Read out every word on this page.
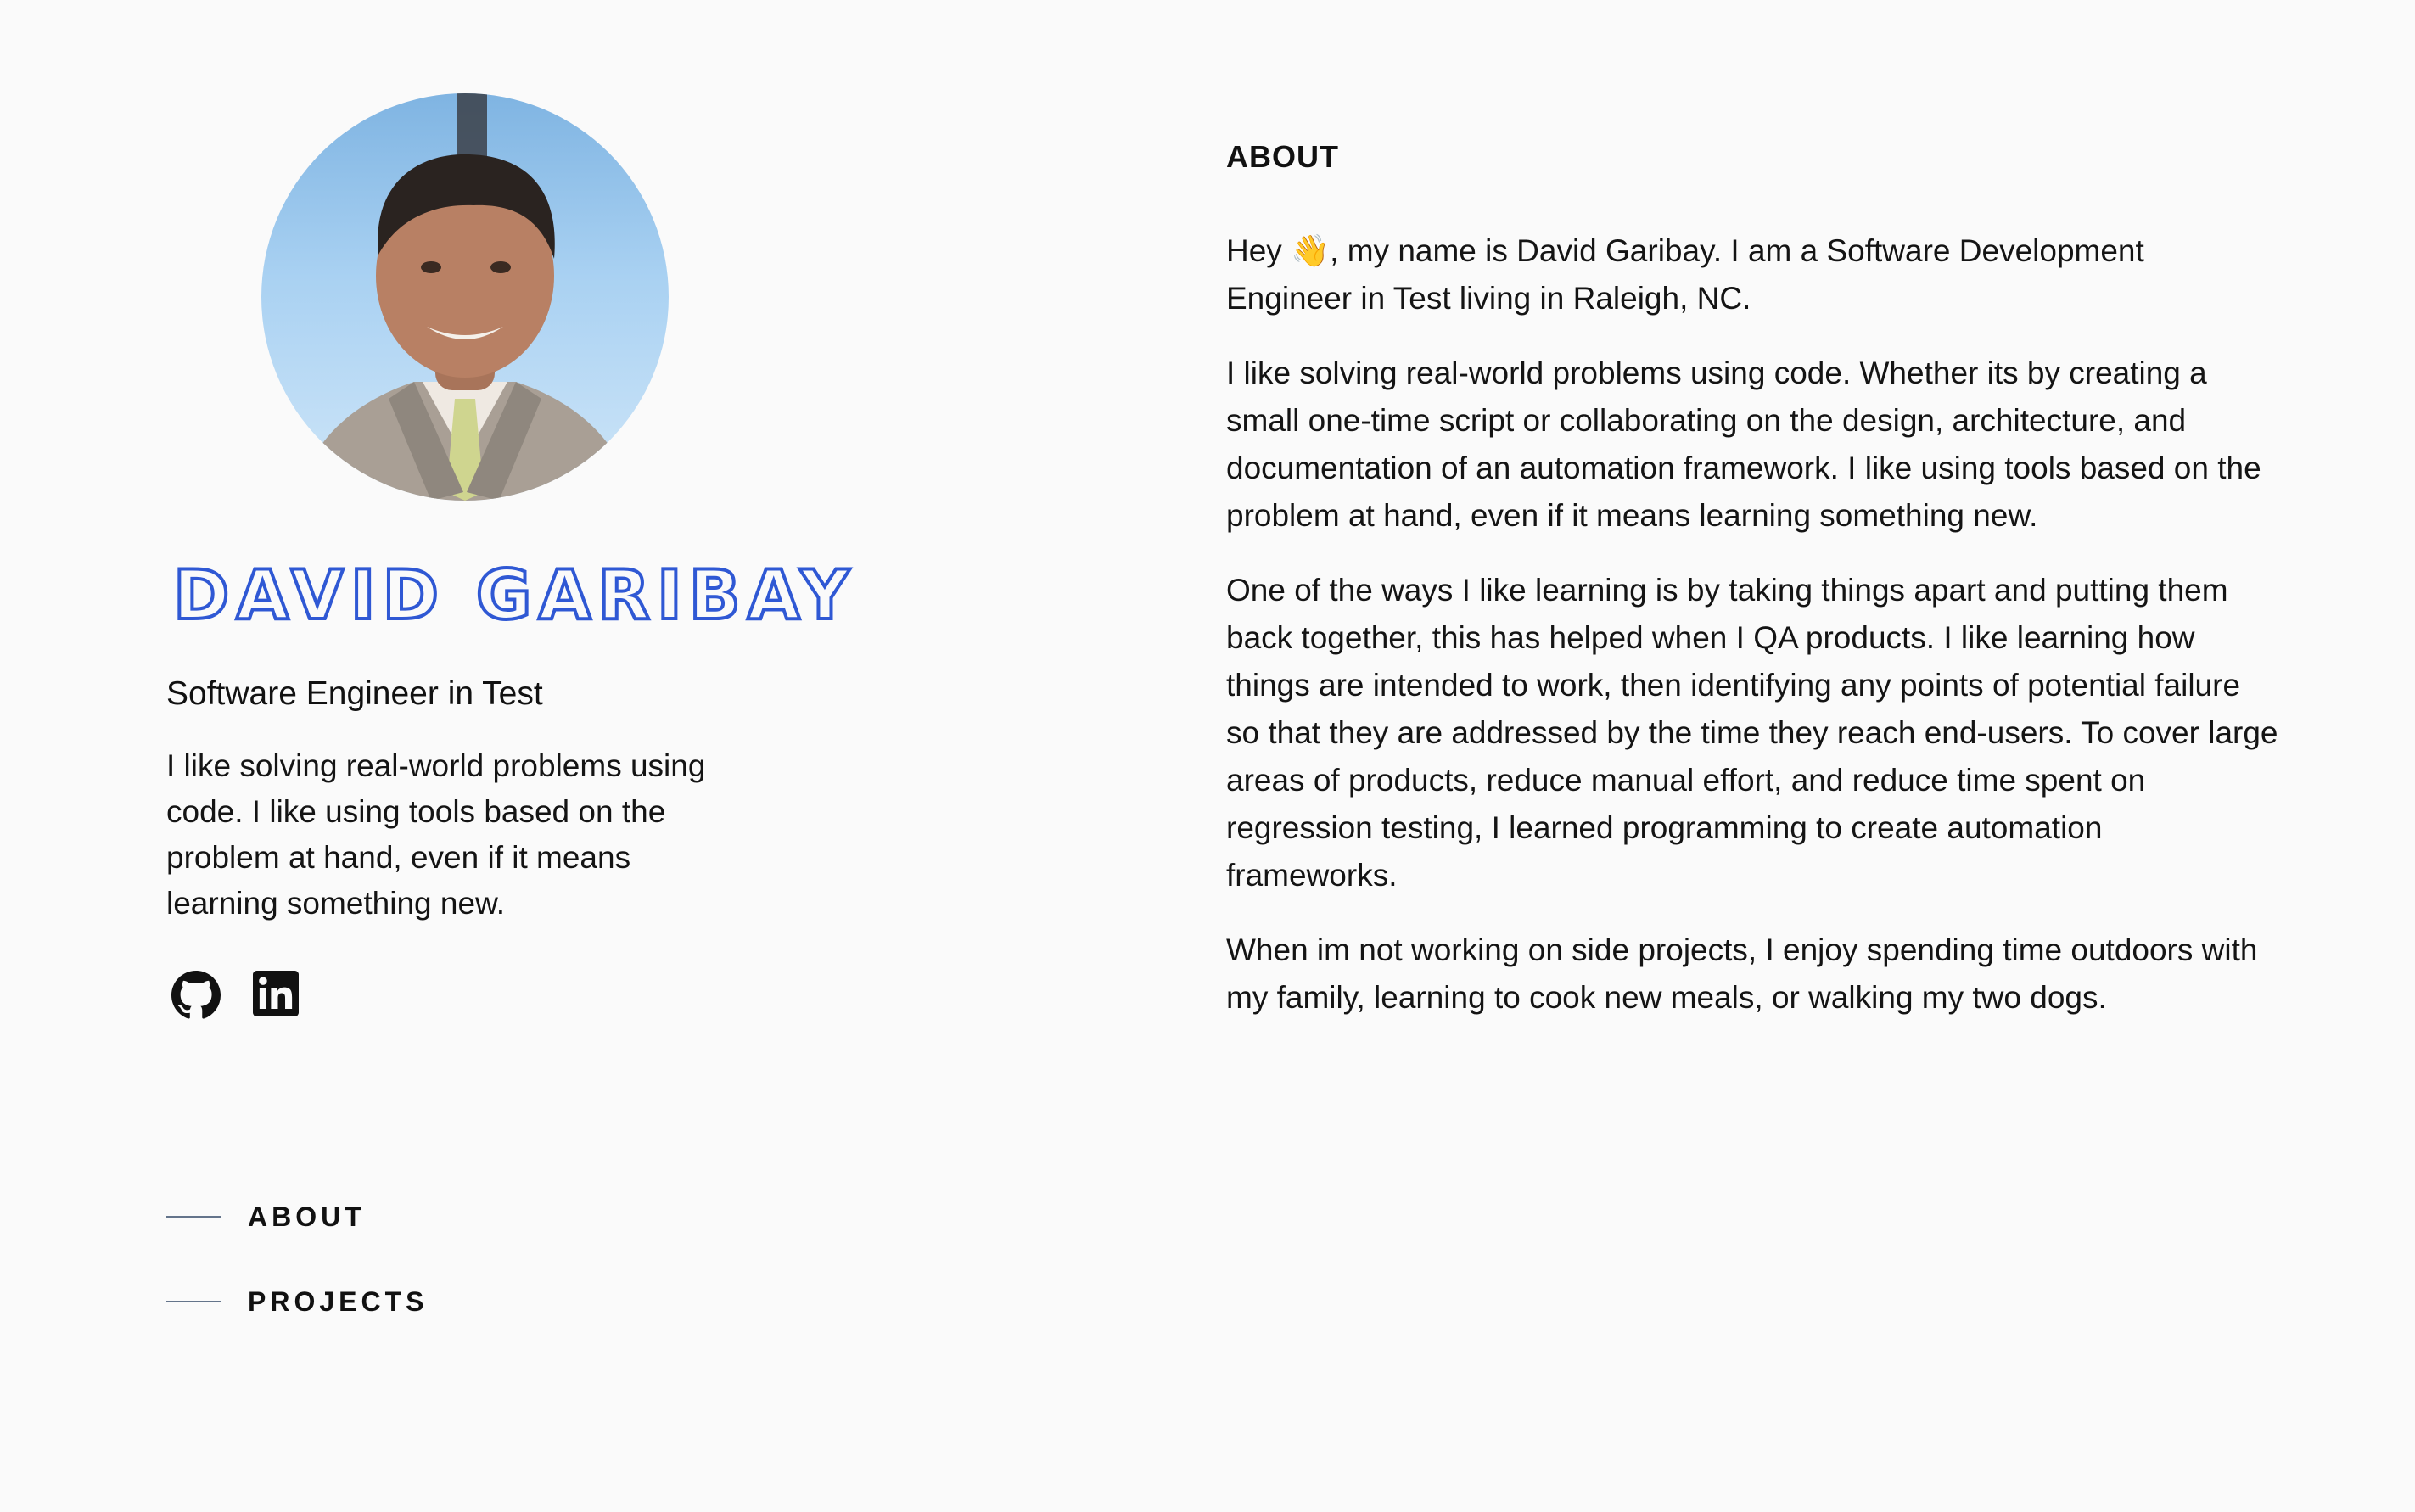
DAVID GARIBAY
Software Engineer in Test

I like solving real-world problems using code. I like using tools based on the problem at hand, even if it means learning something new.

ABOUT
PROJECTS
ABOUT

Hey 👋, my name is David Garibay. I am a Software Development Engineer in Test living in Raleigh, NC.

I like solving real-world problems using code. Whether its by creating a small one-time script or collaborating on the design, architecture, and documentation of an automation framework. I like using tools based on the problem at hand, even if it means learning something new.

One of the ways I like learning is by taking things apart and putting them back together, this has helped when I QA products. I like learning how things are intended to work, then identifying any points of potential failure so that they are addressed by the time they reach end-users. To cover large areas of products, reduce manual effort, and reduce time spent on regression testing, I learned programming to create automation frameworks.

When im not working on side projects, I enjoy spending time outdoors with my family, learning to cook new meals, or walking my two dogs.
